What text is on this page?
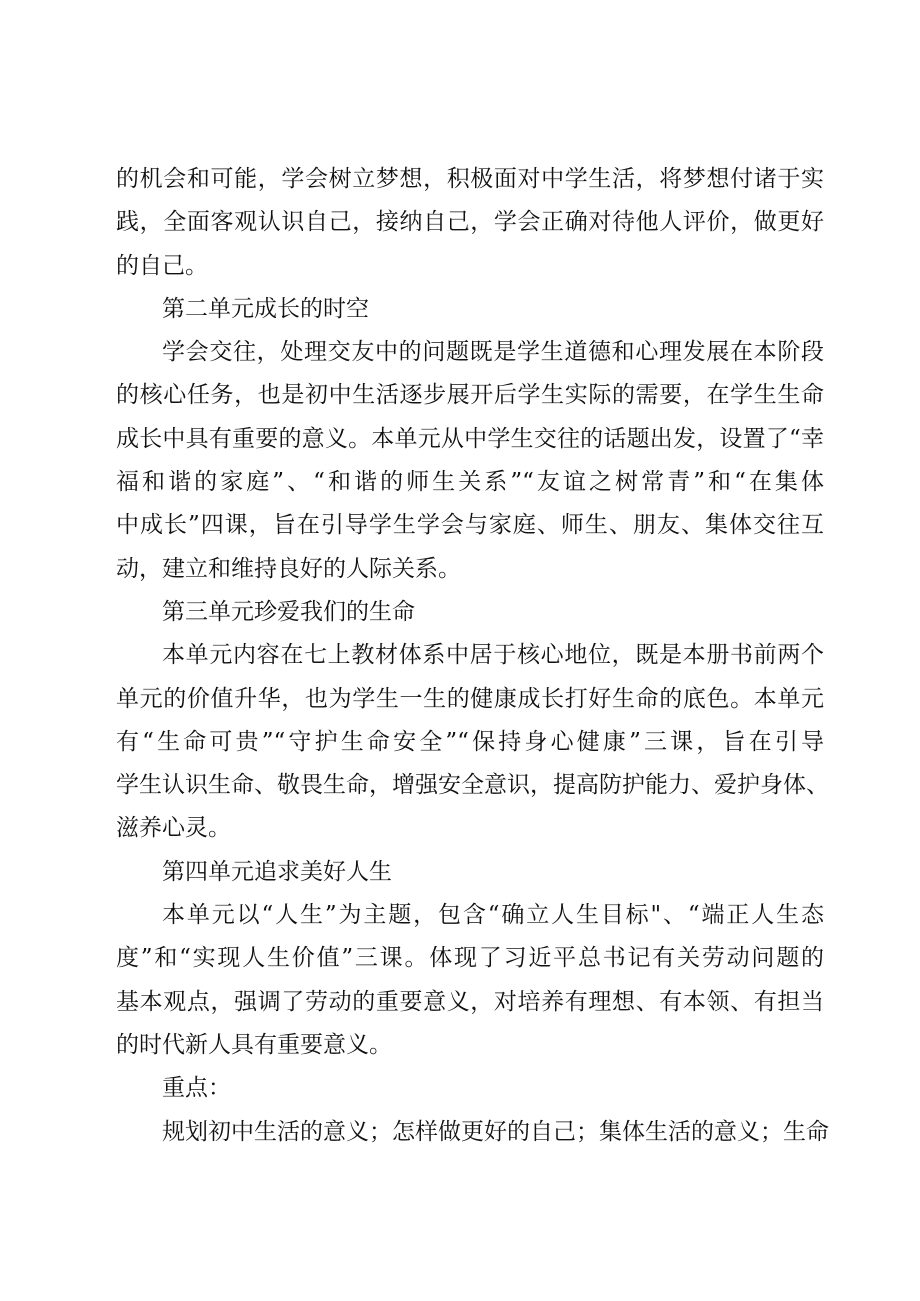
的机会和可能，学会树立梦想，积极面对中学生活，将梦想付诸于实
践，全面客观认识自己，接纳自己，学会正确对待他人评价，做更好
的自己。
第二单元成长的时空
学会交往，处理交友中的问题既是学生道德和心理发展在本阶段
的核心任务，也是初中生活逐步展开后学生实际的需要，在学生生命
成长中具有重要的意义。本单元从中学生交往的话题出发，设置了“幸
福和谐的家庭”、“和谐的师生关系”“友谊之树常青”和“在集体
中成长”四课，旨在引导学生学会与家庭、师生、朋友、集体交往互
动，建立和维持良好的人际关系。
第三单元珍爱我们的生命
本单元内容在七上教材体系中居于核心地位，既是本册书前两个
单元的价值升华，也为学生一生的健康成长打好生命的底色。本单元
有“生命可贵”“守护生命安全”“保持身心健康”三课，旨在引导
学生认识生命、敬畏生命，增强安全意识，提高防护能力、爱护身体、
滋养心灵。
第四单元追求美好人生
本单元以“人生”为主题，包含“确立人生目标"、“端正人生态
度”和“实现人生价值”三课。体现了习近平总书记有关劳动问题的
基本观点，强调了劳动的重要意义，对培养有理想、有本领、有担当
的时代新人具有重要意义。
重点：
规划初中生活的意义；怎样做更好的自己；集体生活的意义；生命
